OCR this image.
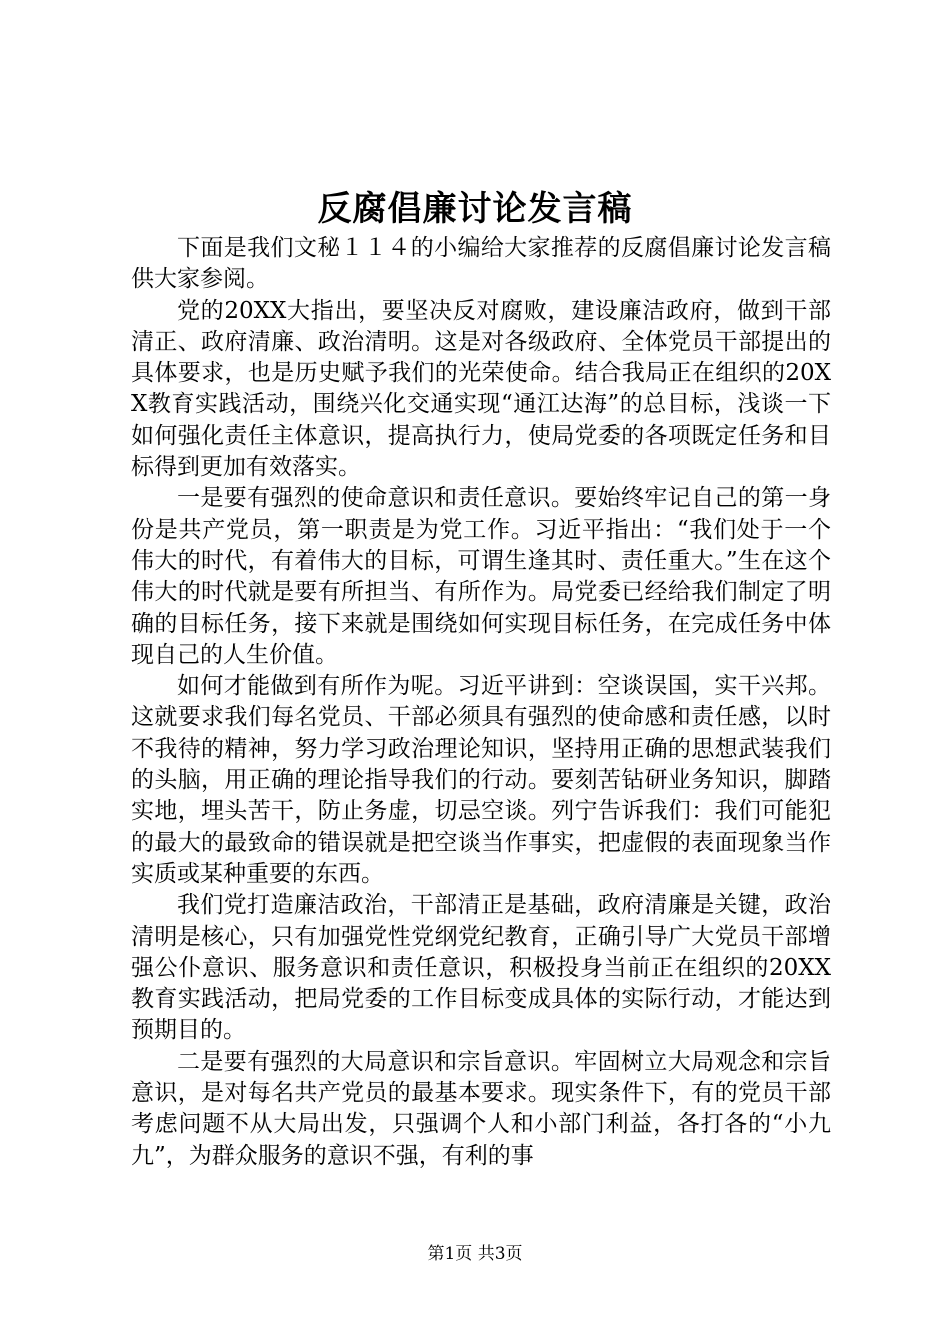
反腐倡廉讨论发言稿

下面是我们文秘１１４的小编给大家推荐的反腐倡廉讨论发言稿供大家参阅。

党的20XX大指出，要坚决反对腐败，建设廉洁政府，做到干部清正、政府清廉、政治清明。这是对各级政府、全体党员干部提出的具体要求，也是历史赋予我们的光荣使命。结合我局正在组织的20XX教育实践活动，围绕兴化交通实现“通江达海”的总目标，浅谈一下如何强化责任主体意识，提高执行力，使局党委的各项既定任务和目标得到更加有效落实。

一是要有强烈的使命意识和责任意识。要始终牢记自己的第一身份是共产党员，第一职责是为党工作。习近平指出：“我们处于一个伟大的时代，有着伟大的目标，可谓生逢其时、责任重大。”生在这个伟大的时代就是要有所担当、有所作为。局党委已经给我们制定了明确的目标任务，接下来就是围绕如何实现目标任务，在完成任务中体现自己的人生价值。

如何才能做到有所作为呢。习近平讲到：空谈误国，实干兴邦。这就要求我们每名党员、干部必须具有强烈的使命感和责任感，以时不我待的精神，努力学习政治理论知识，坚持用正确的思想武装我们的头脑，用正确的理论指导我们的行动。要刻苦钻研业务知识，脚踏实地，埋头苦干，防止务虚，切忌空谈。列宁告诉我们：我们可能犯的最大的最致命的错误就是把空谈当作事实，把虚假的表面现象当作实质或某种重要的东西。

我们党打造廉洁政治，干部清正是基础，政府清廉是关键，政治清明是核心，只有加强党性党纲党纪教育，正确引导广大党员干部增强公仆意识、服务意识和责任意识，积极投身当前正在组织的20XX教育实践活动，把局党委的工作目标变成具体的实际行动，才能达到预期目的。

二是要有强烈的大局意识和宗旨意识。牢固树立大局观念和宗旨意识，是对每名共产党员的最基本要求。现实条件下，有的党员干部考虑问题不从大局出发，只强调个人和小部门利益，各打各的“小九九”，为群众服务的意识不强，有利的事

第1页 共3页
